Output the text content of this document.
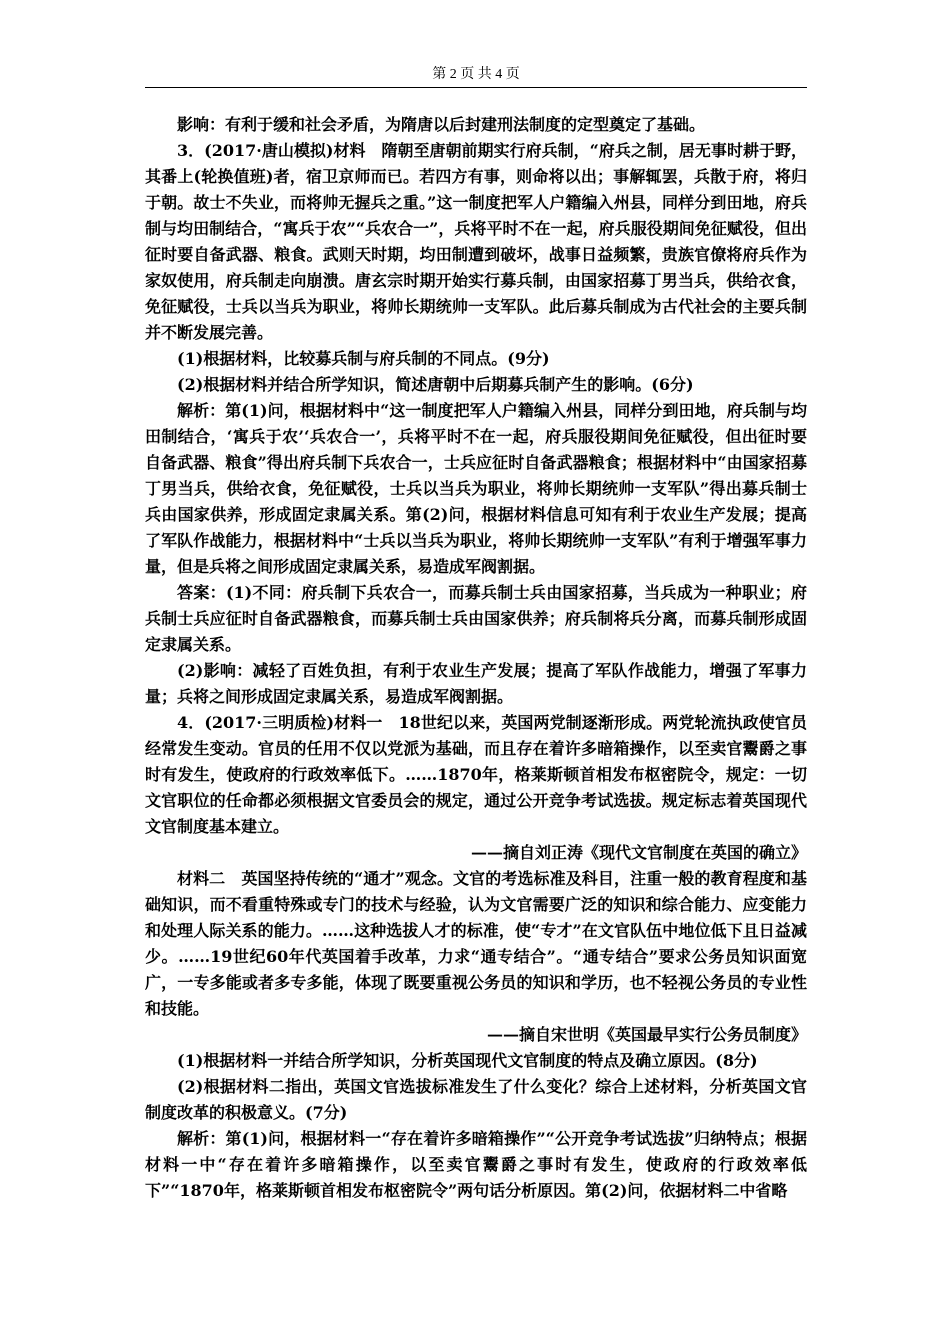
第 2 页 共 4 页

影响：有利于缓和社会矛盾，为隋唐以后封建刑法制度的定型奠定了基础。

3．(2017·唐山模拟)材料　隋朝至唐朝前期实行府兵制，“府兵之制，居无事时耕于野，其番上(轮换值班)者，宿卫京师而已。若四方有事，则命将以出；事解辄罢，兵散于府，将归于朝。故士不失业，而将帅无握兵之重。”这一制度把军人户籍编入州县，同样分到田地，府兵制与均田制结合，“寓兵于农”“兵农合一”，兵将平时不在一起，府兵服役期间免征赋役，但出征时要自备武器、粮食。武则天时期，均田制遭到破坏，战事日益频繁，贵族官僚将府兵作为家奴使用，府兵制走向崩溃。唐玄宗时期开始实行募兵制，由国家招募丁男当兵，供给衣食，免征赋役，士兵以当兵为职业，将帅长期统帅一支军队。此后募兵制成为古代社会的主要兵制并不断发展完善。

(1)根据材料，比较募兵制与府兵制的不同点。(9分)

(2)根据材料并结合所学知识，简述唐朝中后期募兵制产生的影响。(6分)

解析：第(1)问，根据材料中“这一制度把军人户籍编入州县，同样分到田地，府兵制与均田制结合，‘寓兵于农’‘兵农合一’，兵将平时不在一起，府兵服役期间免征赋役，但出征时要自备武器、粮食”得出府兵制下兵农合一，士兵应征时自备武器粮食；根据材料中“由国家招募丁男当兵，供给衣食，免征赋役，士兵以当兵为职业，将帅长期统帅一支军队”得出募兵制士兵由国家供养，形成固定隶属关系。第(2)问，根据材料信息可知有利于农业生产发展；提高了军队作战能力，根据材料中“士兵以当兵为职业，将帅长期统帅一支军队”有利于增强军事力量，但是兵将之间形成固定隶属关系，易造成军阀割据。

答案：(1)不同：府兵制下兵农合一，而募兵制士兵由国家招募，当兵成为一种职业；府兵制士兵应征时自备武器粮食，而募兵制士兵由国家供养；府兵制将兵分离，而募兵制形成固定隶属关系。

(2)影响：减轻了百姓负担，有利于农业生产发展；提高了军队作战能力，增强了军事力量；兵将之间形成固定隶属关系，易造成军阀割据。

4．(2017·三明质检)材料一　18世纪以来，英国两党制逐渐形成。两党轮流执政使官员经常发生变动。官员的任用不仅以党派为基础，而且存在着许多暗箱操作，以至卖官鬻爵之事时有发生，使政府的行政效率低下。……1870年，格莱斯顿首相发布枢密院令，规定：一切文官职位的任命都必须根据文官委员会的规定，通过公开竞争考试选拔。规定标志着英国现代文官制度基本建立。

——摘自刘正涛《现代文官制度在英国的确立》

材料二　英国坚持传统的“通才”观念。文官的考选标准及科目，注重一般的教育程度和基础知识，而不看重特殊或专门的技术与经验，认为文官需要广泛的知识和综合能力、应变能力和处理人际关系的能力。……这种选拔人才的标准，使“专才”在文官队伍中地位低下且日益减少。……19世纪60年代英国着手改革，力求“通专结合”。“通专结合”要求公务员知识面宽广，一专多能或者多专多能，体现了既要重视公务员的知识和学历，也不轻视公务员的专业性和技能。

——摘自宋世明《英国最早实行公务员制度》

(1)根据材料一并结合所学知识，分析英国现代文官制度的特点及确立原因。(8分)

(2)根据材料二指出，英国文官选拔标准发生了什么变化？综合上述材料，分析英国文官制度改革的积极意义。(7分)

解析：第(1)问，根据材料一“存在着许多暗箱操作”“公开竞争考试选拔”归纳特点；根据材料一中“存在着许多暗箱操作，以至卖官鬻爵之事时有发生，使政府的行政效率低下”“1870年，格莱斯顿首相发布枢密院令”两句话分析原因。第(2)问，依据材料二中省略
